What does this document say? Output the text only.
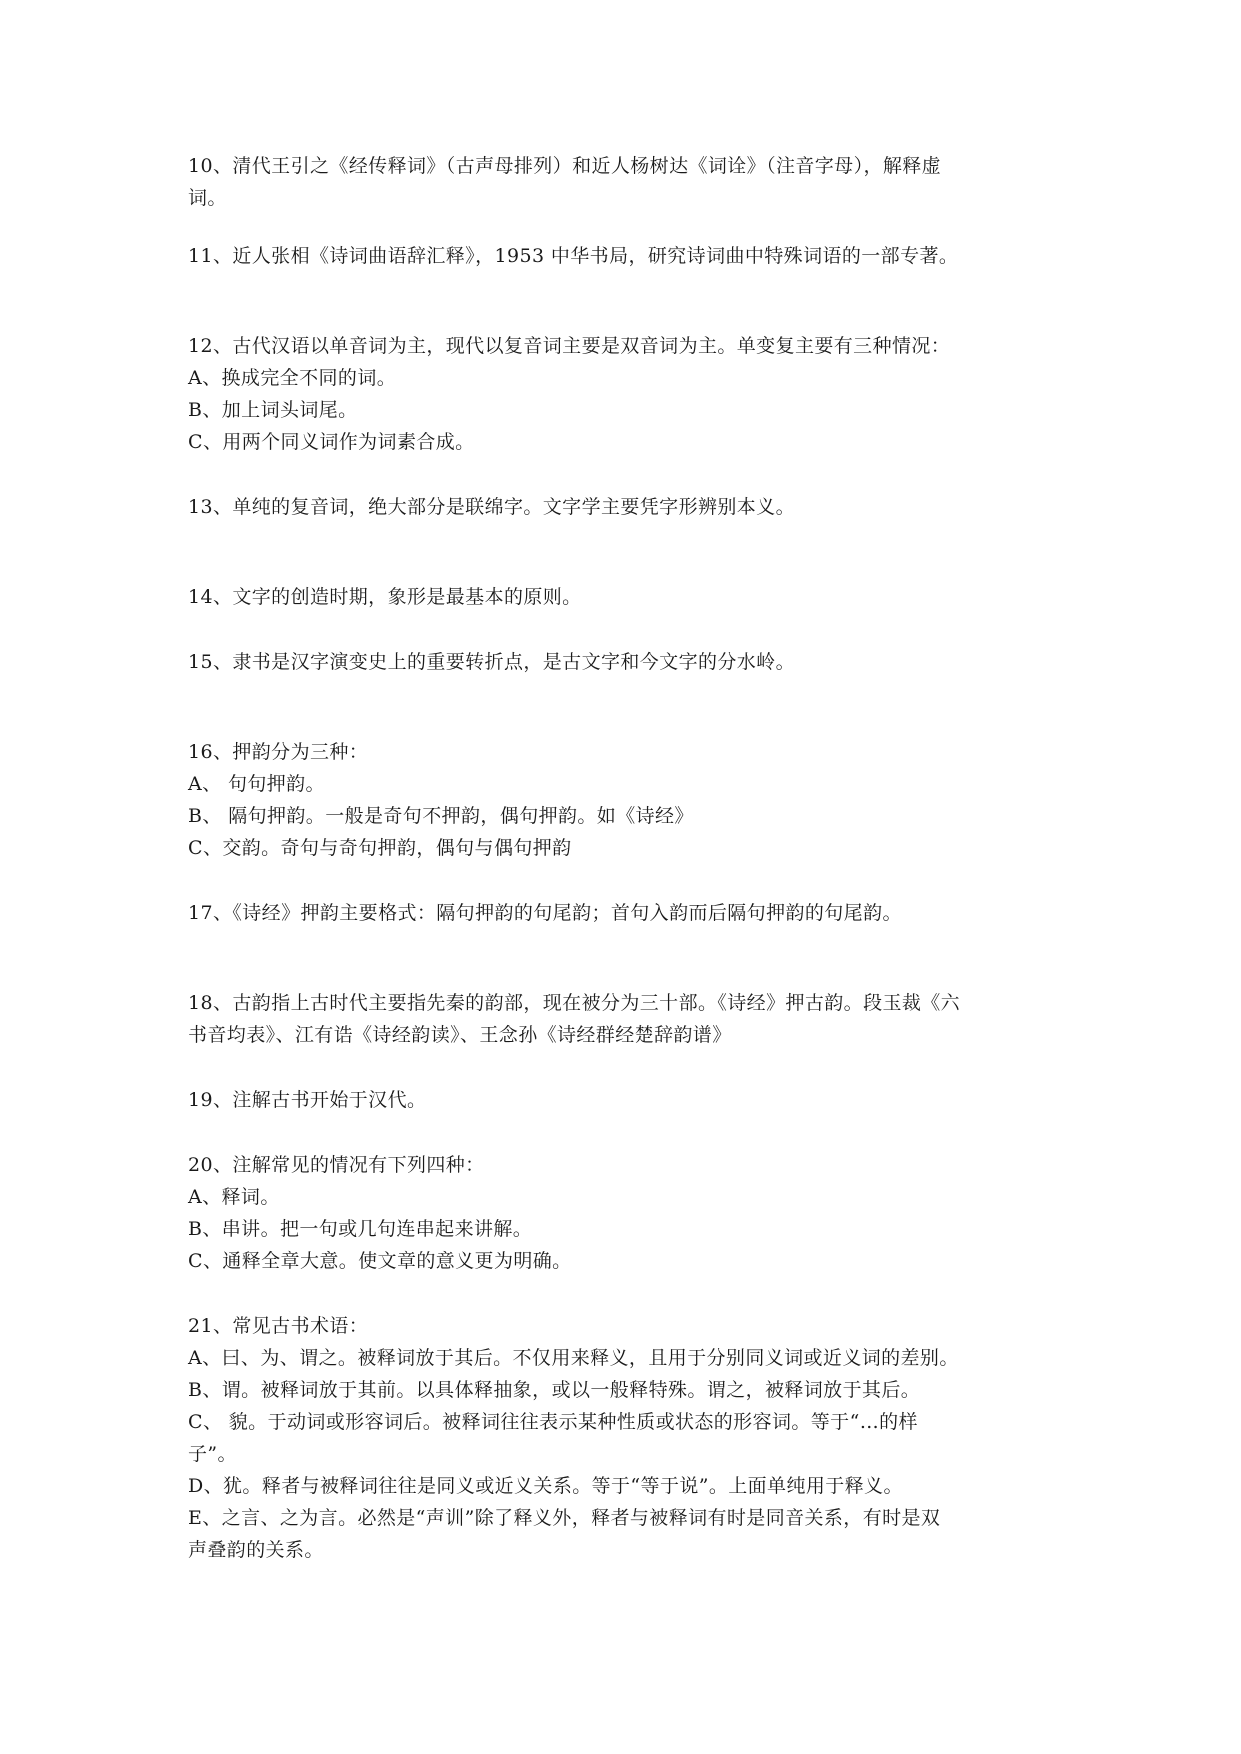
10、清代王引之《经传释词》（古声母排列）和近人杨树达《词诠》（注音字母），解释虚
词。
11、近人张相《诗词曲语辞汇释》，1953 中华书局，研究诗词曲中特殊词语的一部专著。
12、古代汉语以单音词为主，现代以复音词主要是双音词为主。单变复主要有三种情况：
A、换成完全不同的词。
B、加上词头词尾。
C、用两个同义词作为词素合成。
13、单纯的复音词，绝大部分是联绵字。文字学主要凭字形辨别本义。
14、文字的创造时期，象形是最基本的原则。
15、隶书是汉字演变史上的重要转折点，是古文字和今文字的分水岭。
16、押韵分为三种：
A、 句句押韵。
B、 隔句押韵。一般是奇句不押韵，偶句押韵。如《诗经》
C、交韵。奇句与奇句押韵，偶句与偶句押韵
17、《诗经》押韵主要格式：隔句押韵的句尾韵；首句入韵而后隔句押韵的句尾韵。
18、古韵指上古时代主要指先秦的韵部，现在被分为三十部。《诗经》押古韵。段玉裁《六
书音均表》、江有诰《诗经韵读》、王念孙《诗经群经楚辞韵谱》
19、注解古书开始于汉代。
20、注解常见的情况有下列四种：
A、释词。
B、串讲。把一句或几句连串起来讲解。
C、通释全章大意。使文章的意义更为明确。
21、常见古书术语：
A、曰、为、谓之。被释词放于其后。不仅用来释义，且用于分别同义词或近义词的差别。
B、谓。被释词放于其前。以具体释抽象，或以一般释特殊。谓之，被释词放于其后。
C、 貌。于动词或形容词后。被释词往往表示某种性质或状态的形容词。等于“…的样
子”。
D、犹。释者与被释词往往是同义或近义关系。等于“等于说”。上面单纯用于释义。
E、之言、之为言。必然是“声训”除了释义外，释者与被释词有时是同音关系，有时是双
声叠韵的关系。
